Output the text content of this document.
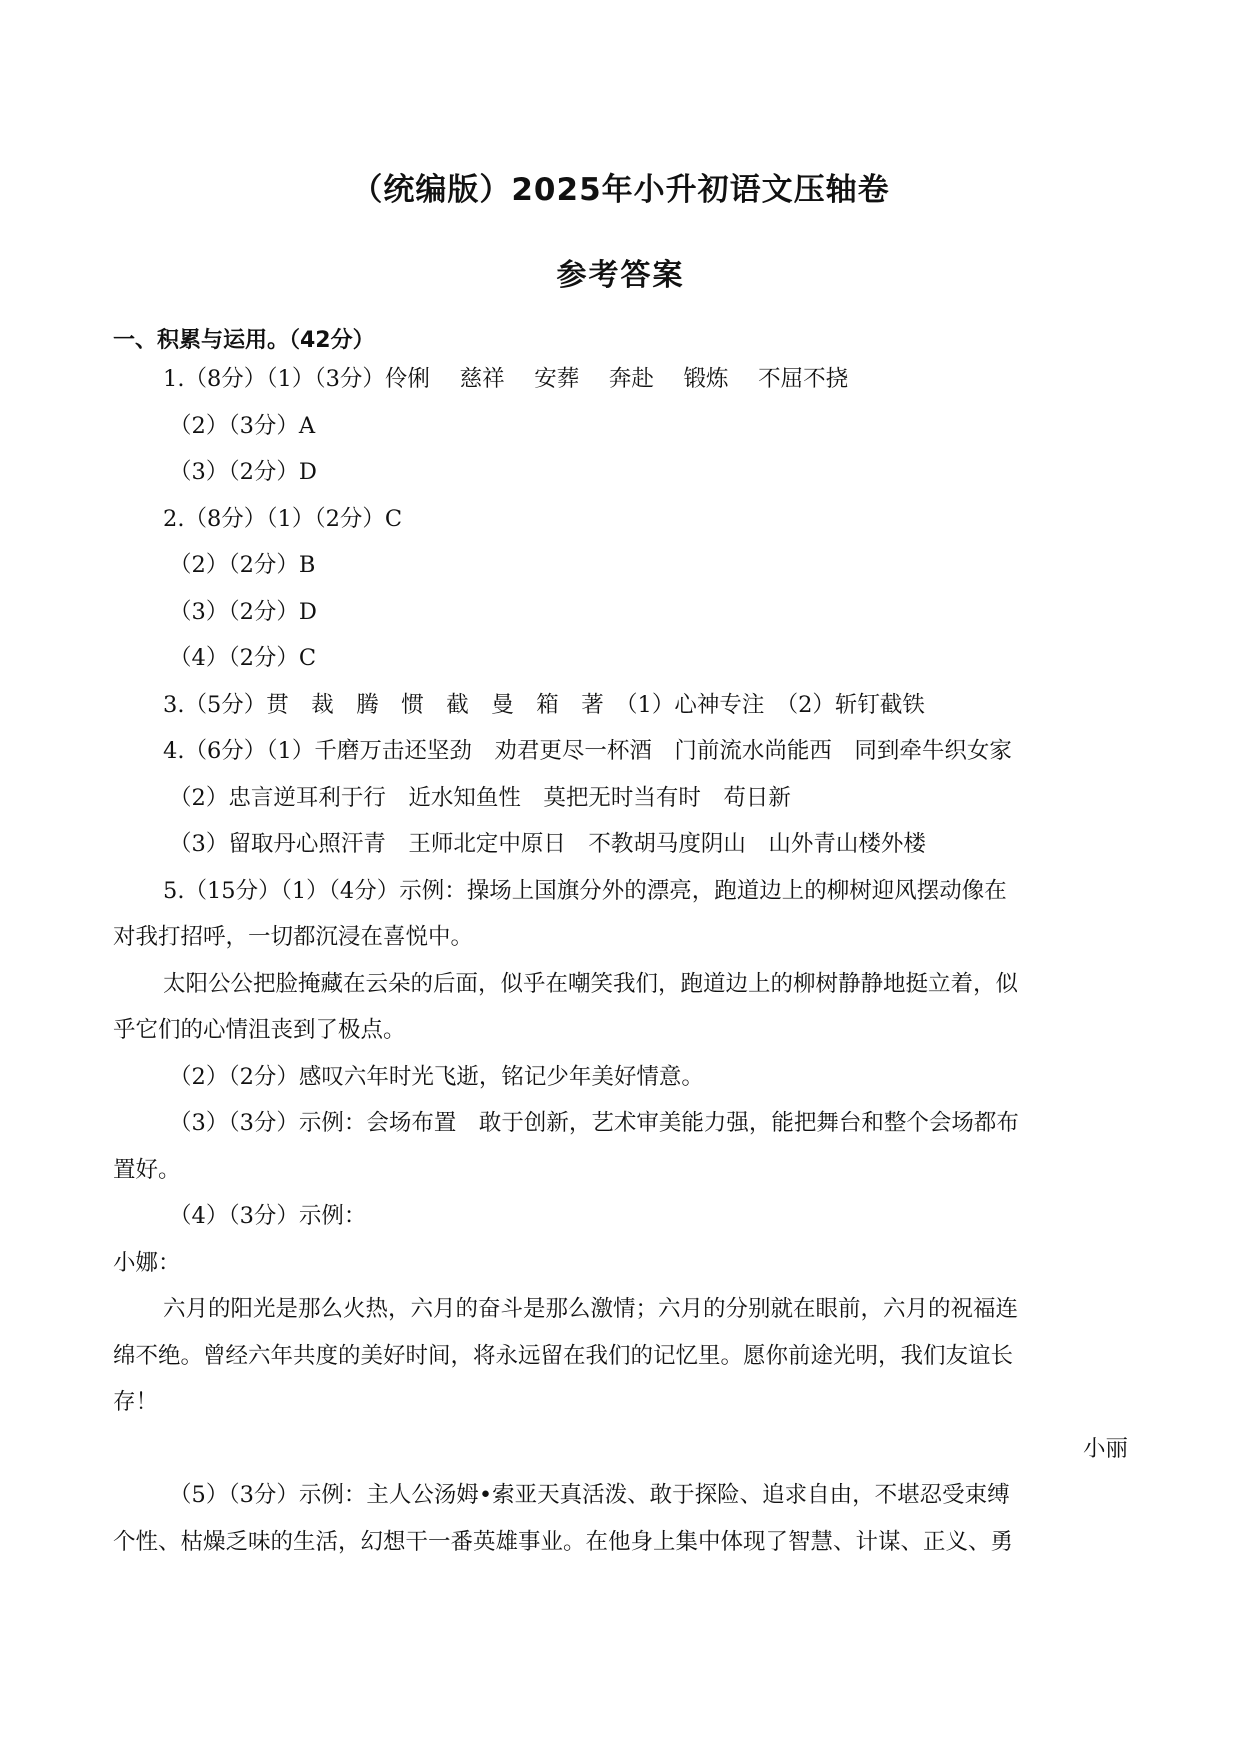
（统编版）2025年小升初语文压轴卷
参考答案
一、积累与运用。（42分）
1.（8分）（1）（3分）伶俐　 慈祥　 安葬　 奔赴　 锻炼　 不屈不挠
（2）（3分）A
（3）（2分）D
2.（8分）（1）（2分）C
（2）（2分）B
（3）（2分）D
（4）（2分）C
3.（5分）贯　裁　腾　惯　截　曼　箱　著　（1）心神专注　（2）斩钉截铁
4.（6分）（1）千磨万击还坚劲　劝君更尽一杯酒　门前流水尚能西　同到牵牛织女家
（2）忠言逆耳利于行　近水知鱼性　莫把无时当有时　苟日新
（3）留取丹心照汗青　王师北定中原日　不教胡马度阴山　山外青山楼外楼
5.（15分）（1）（4分）示例：操场上国旗分外的漂亮，跑道边上的柳树迎风摆动像在
对我打招呼，一切都沉浸在喜悦中。
太阳公公把脸掩藏在云朵的后面，似乎在嘲笑我们，跑道边上的柳树静静地挺立着，似
乎它们的心情沮丧到了极点。
（2）（2分）感叹六年时光飞逝，铭记少年美好情意。
（3）（3分）示例：会场布置　敢于创新，艺术审美能力强，能把舞台和整个会场都布
置好。
（4）（3分）示例：
小娜：
六月的阳光是那么火热，六月的奋斗是那么激情；六月的分别就在眼前，六月的祝福连
绵不绝。曾经六年共度的美好时间，将永远留在我们的记忆里。愿你前途光明，我们友谊长
存！
小丽
（5）（3分）示例：主人公汤姆•索亚天真活泼、敢于探险、追求自由，不堪忍受束缚
个性、枯燥乏味的生活，幻想干一番英雄事业。在他身上集中体现了智慧、计谋、正义、勇
